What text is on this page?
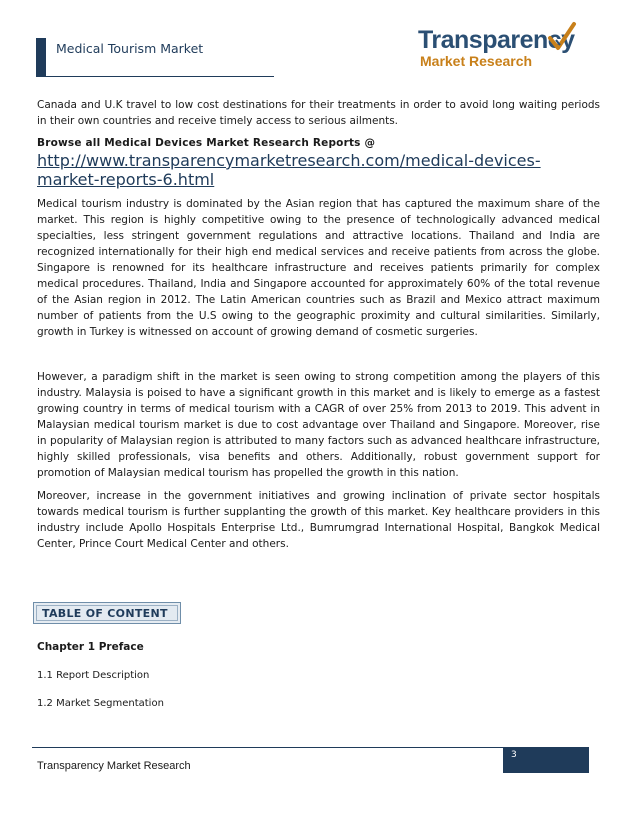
Medical Tourism Market	Transparency
Market Research

Canada and U.K travel to low cost destinations for their treatments in order to avoid long waiting periods in their own countries and receive timely access to serious ailments.

Browse all Medical Devices Market Research Reports @

http://www.transparencymarketresearch.com/medical-devices-market-reports-6.html

Medical tourism industry is dominated by the Asian region that has captured the maximum share of the market. This region is highly competitive owing to the presence of technologically advanced medical specialties, less stringent government regulations and attractive locations. Thailand and India are recognized internationally for their high end medical services and receive patients from across the globe. Singapore is renowned for its healthcare infrastructure and receives patients primarily for complex medical procedures. Thailand, India and Singapore accounted for approximately 60% of the total revenue of the Asian region in 2012. The Latin American countries such as Brazil and Mexico attract maximum number of patients from the U.S owing to the geographic proximity and cultural similarities. Similarly, growth in Turkey is witnessed on account of growing demand of cosmetic surgeries.

However, a paradigm shift in the market is seen owing to strong competition among the players of this industry. Malaysia is poised to have a significant growth in this market and is likely to emerge as a fastest growing country in terms of medical tourism with a CAGR of over 25% from 2013 to 2019. This advent in Malaysian medical tourism market is due to cost advantage over Thailand and Singapore. Moreover, rise in popularity of Malaysian region is attributed to many factors such as advanced healthcare infrastructure, highly skilled professionals, visa benefits and others. Additionally, robust government support for promotion of Malaysian medical tourism has propelled the growth in this nation.

Moreover, increase in the government initiatives and growing inclination of private sector hospitals towards medical tourism is further supplanting the growth of this market. Key healthcare providers in this industry include Apollo Hospitals Enterprise Ltd., Bumrumgrad International Hospital, Bangkok Medical Center, Prince Court Medical Center and others.

TABLE OF CONTENT
Chapter 1 Preface
1.1 Report Description
1.2 Market Segmentation
3
Transparency Market Research
